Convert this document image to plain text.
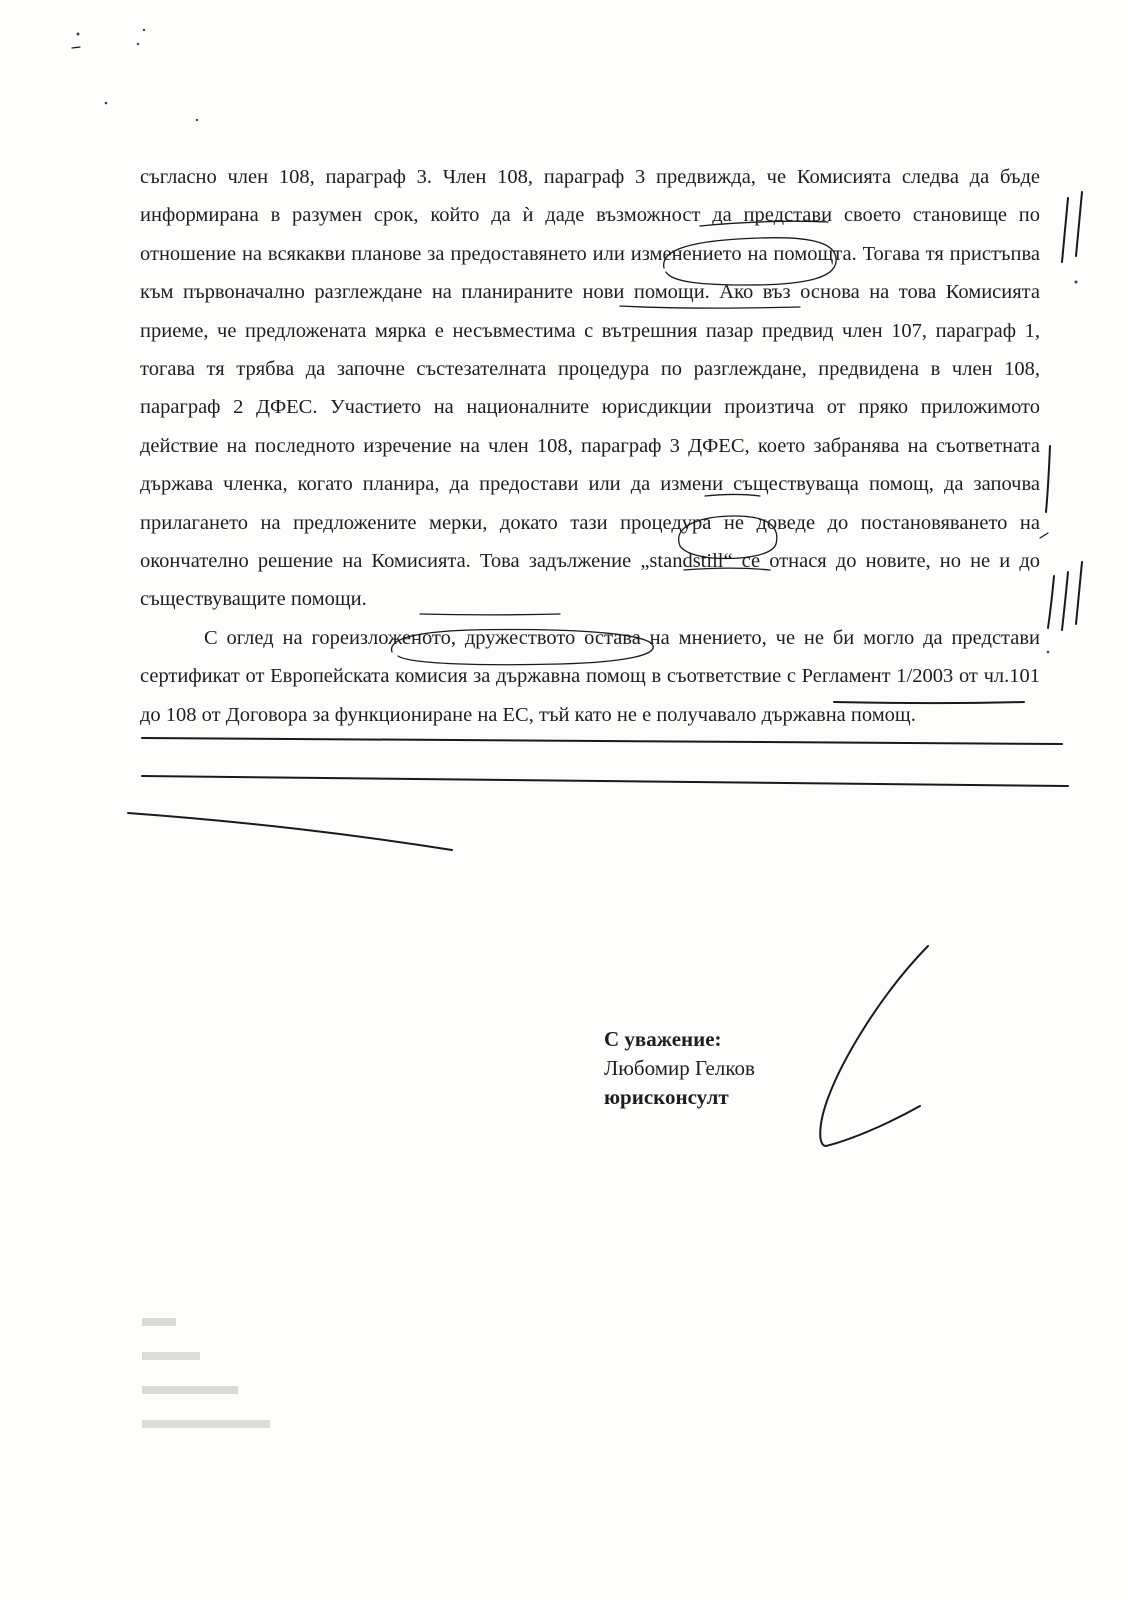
съгласно член 108, параграф 3. Член 108, параграф 3 предвижда, че Комисията следва да бъде информирана в разумен срок, който да ѝ даде възможност да представи своето становище по отношение на всякакви планове за предоставянето или изменението на помощта. Тогава тя пристъпва към първоначално разглеждане на планираните нови помощи. Ако въз основа на това Комисията приеме, че предложената мярка е несъвместима с вътрешния пазар предвид член 107, параграф 1, тогава тя трябва да започне състезателната процедура по разглеждане, предвидена в член 108, параграф 2 ДФЕС. Участието на националните юрисдикции произтича от пряко приложимото действие на последното изречение на член 108, параграф 3 ДФЕС, което забранява на съответната държава членка, когато планира, да предостави или да измени съществуваща помощ, да започва прилагането на предложените мерки, докато тази процедура не доведе до постановяването на окончателно решение на Комисията. Това задължение „standstill“ се отнася до новите, но не и до съществуващите помощи.

С оглед на гореизложеното, дружеството остава на мнението, че не би могло да представи сертификат от Европейската комисия за държавна помощ в съответствие с Регламент 1/2003 от чл.101 до 108 от Договора за функциониране на ЕС, тъй като не е получавало държавна помощ.

С уважение:
Любомир Гелков
юрисконсулт
